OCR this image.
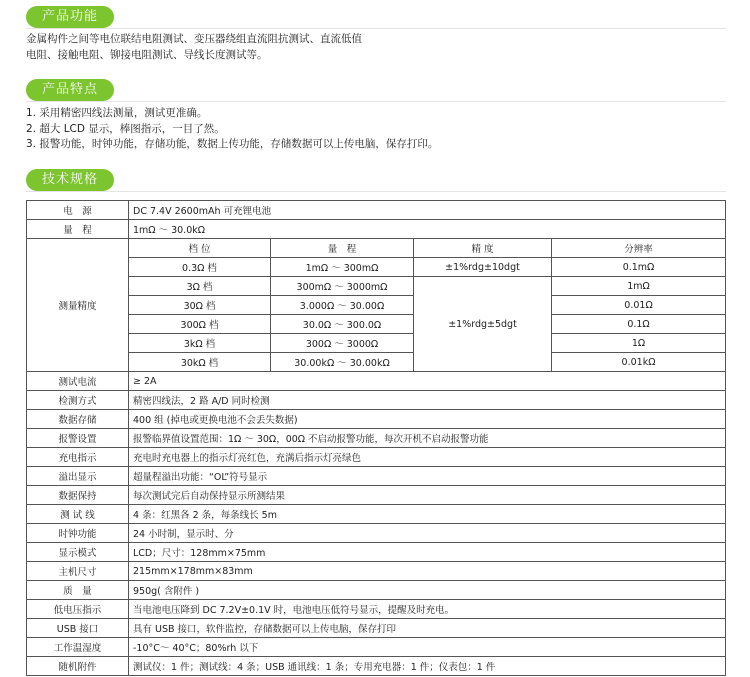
产品功能
金属构件之间等电位联结电阻测试、变压器绕组直流阻抗测试、直流低值
电阻、接触电阻、铆接电阻测试、导线长度测试等。
产品特点
1. 采用精密四线法测量，测试更准确。
2. 超大 LCD 显示，棒图指示，一目了然。
3. 报警功能，时钟功能，存储功能，数据上传功能，存储数据可以上传电脑，保存打印。
技术规格
电　源	DC 7.4V 2600mAh 可充锂电池			
量　程	1mΩ ～ 30.0kΩ			
测量精度	档 位	量　程	精 度	分辨率
	0.3Ω 档	1mΩ ～ 300mΩ	±1%rdg±10dgt	0.1mΩ
	3Ω 档	300mΩ ～ 3000mΩ	±1%rdg±5dgt	1mΩ
	30Ω 档	3.000Ω ～ 30.00Ω		0.01Ω
	300Ω 档	30.0Ω ～ 300.0Ω		0.1Ω
	3kΩ 档	300Ω ～ 3000Ω		1Ω
	30kΩ 档	30.00kΩ ～ 30.00kΩ		0.01kΩ
测试电流	≥ 2A			
检测方式	精密四线法，2 路 A/D 同时检测			
数据存储	400 组 (掉电或更换电池不会丢失数据)			
报警设置	报警临界值设置范围：1Ω ～ 30Ω，00Ω 不启动报警功能，每次开机不启动报警功能			
充电指示	充电时充电器上的指示灯亮红色，充满后指示灯亮绿色			
溢出显示	超量程溢出功能：“OL”符号显示			
数据保持	每次测试完后自动保持显示所测结果			
测 试 线	4 条：红黑各 2 条，每条线长 5m			
时钟功能	24 小时制，显示时、分			
显示模式	LCD；尺寸：128mm×75mm			
主机尺寸	215mm×178mm×83mm			
质　量	950g( 含附件 )			
低电压指示	当电池电压降到 DC 7.2V±0.1V 时，电池电压低符号显示，提醒及时充电。			
USB 接口	具有 USB 接口，软件监控，存储数据可以上传电脑，保存打印			
工作温湿度	-10°C～ 40°C；80%rh 以下			
随机附件	测试仪：1 件；测试线：4 条；USB 通讯线：1 条；专用充电器：1 件；仪表包：1 件			
